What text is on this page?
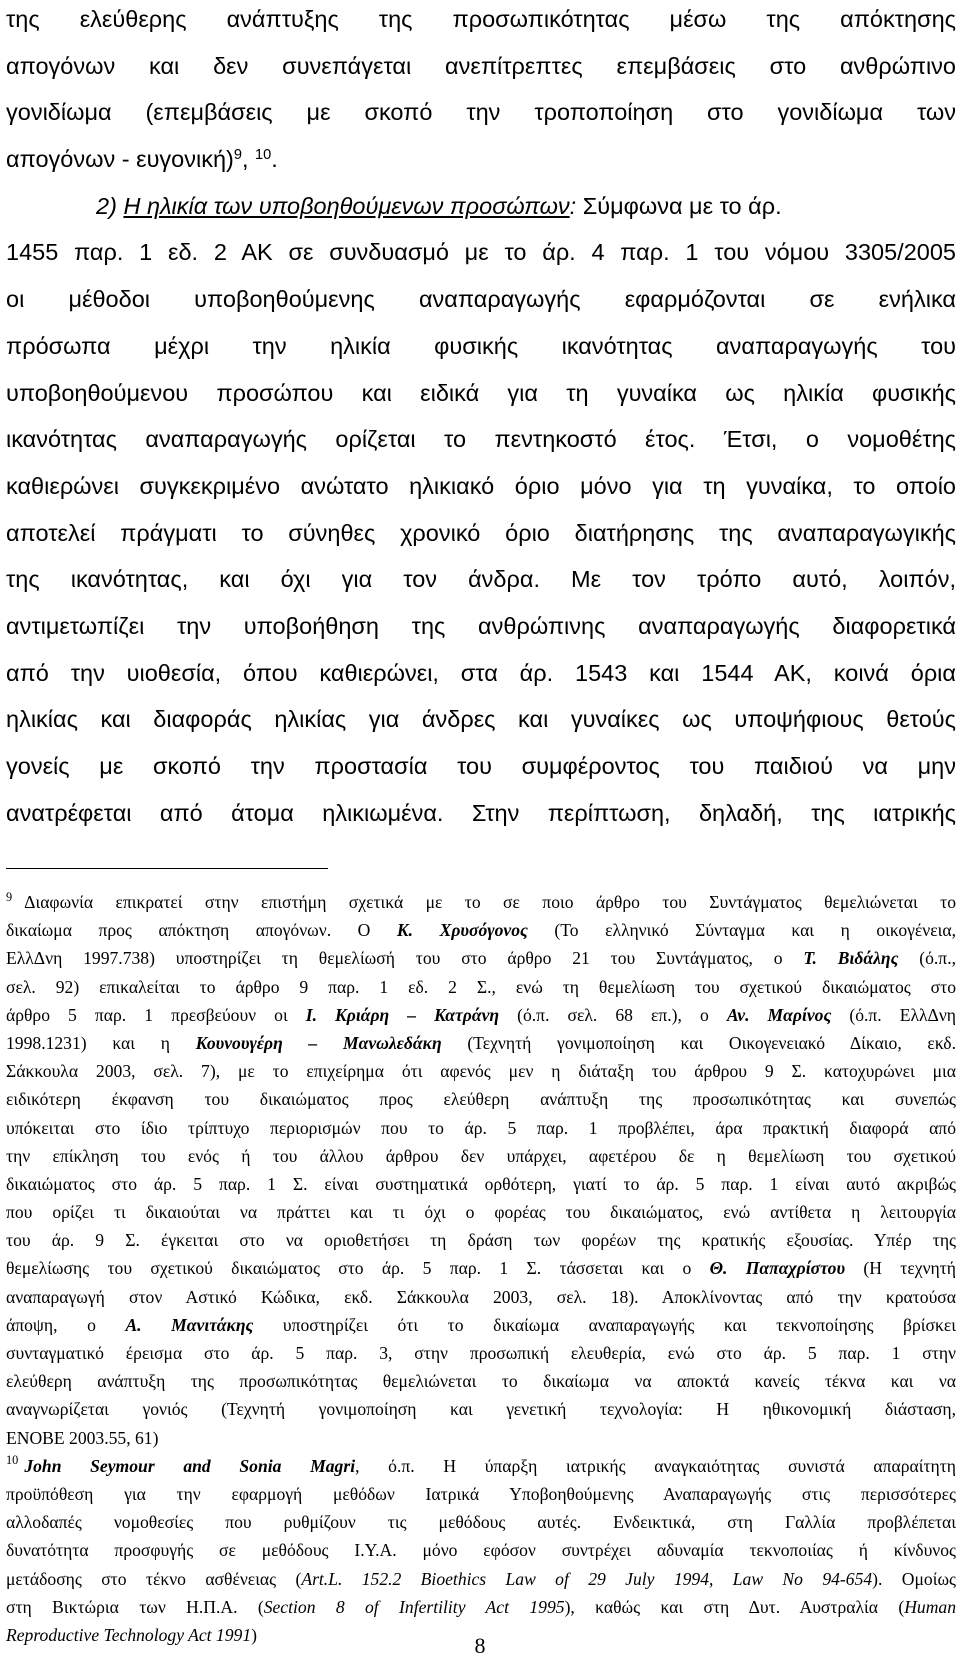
της ελεύθερης ανάπτυξης της προσωπικότητας μέσω της απόκτησης
απογόνων και δεν συνεπάγεται ανεπίτρεπτες επεμβάσεις στο ανθρώπινο
γονιδίωμα (επεμβάσεις με σκοπό την τροποποίηση στο γονιδίωμα των
απογόνων - ευγονική)$^9$, $^{10}$.
2) Η ηλικία των υποβοηθούμενων προσώπων: Σύμφωνα με το άρ.
1455 παρ. 1 εδ. 2 ΑΚ σε συνδυασμό με το άρ. 4 παρ. 1 του νόμου 3305/2005
οι μέθοδοι υποβοηθούμενης αναπαραγωγής εφαρμόζονται σε ενήλικα
πρόσωπα μέχρι την ηλικία φυσικής ικανότητας αναπαραγωγής του
υποβοηθούμενου προσώπου και ειδικά για τη γυναίκα ως ηλικία φυσικής
ικανότητας αναπαραγωγής ορίζεται το πεντηκοστό έτος. Έτσι, ο νομοθέτης
καθιερώνει συγκεκριμένο ανώτατο ηλικιακό όριο μόνο για τη γυναίκα, το οποίο
αποτελεί πράγματι το σύνηθες χρονικό όριο διατήρησης της αναπαραγωγικής
της ικανότητας, και όχι για τον άνδρα. Με τον τρόπο αυτό, λοιπόν,
αντιμετωπίζει την υποβοήθηση της ανθρώπινης αναπαραγωγής διαφορετικά
από την υιοθεσία, όπου καθιερώνει, στα άρ. 1543 και 1544 ΑΚ, κοινά όρια
ηλικίας και διαφοράς ηλικίας για άνδρες και γυναίκες ως υποψήφιους θετούς
γονείς με σκοπό την προστασία του συμφέροντος του παιδιού να μην
ανατρέφεται από άτομα ηλικιωμένα. Στην περίπτωση, δηλαδή, της ιατρικής
$^9$ Διαφωνία επικρατεί στην επιστήμη σχετικά με το σε ποιο άρθρο του Συντάγματος θεμελιώνεται το
δικαίωμα προς απόκτηση απογόνων. Ο Κ. Χρυσόγονος (Το ελληνικό Σύνταγμα και η οικογένεια,
ΕλλΔνη 1997.738) υποστηρίζει τη θεμελίωσή του στο άρθρο 21 του Συντάγματος, ο Τ. Βιδάλης (ό.π.,
σελ. 92) επικαλείται το άρθρο 9 παρ. 1 εδ. 2 Σ., ενώ τη θεμελίωση του σχετικού δικαιώματος στο
άρθρο 5 παρ. 1 πρεσβεύουν οι Ι. Κριάρη – Κατράνη (ό.π. σελ. 68 επ.), ο Αν. Μαρίνος (ό.π. ΕλλΔνη
1998.1231) και η Κουνουγέρη – Μανωλεδάκη (Τεχνητή γονιμοποίηση και Οικογενειακό Δίκαιο, εκδ.
Σάκκουλα 2003, σελ. 7), με το επιχείρημα ότι αφενός μεν η διάταξη του άρθρου 9 Σ. κατοχυρώνει μια
ειδικότερη έκφανση του δικαιώματος προς ελεύθερη ανάπτυξη της προσωπικότητας και συνεπώς
υπόκειται στο ίδιο τρίπτυχο περιορισμών που το άρ. 5 παρ. 1 προβλέπει, άρα πρακτική διαφορά από
την επίκληση του ενός ή του άλλου άρθρου δεν υπάρχει, αφετέρου δε η θεμελίωση του σχετικού
δικαιώματος στο άρ. 5 παρ. 1 Σ. είναι συστηματικά ορθότερη, γιατί το άρ. 5 παρ. 1 είναι αυτό ακριβώς
που ορίζει τι δικαιούται να πράττει και τι όχι ο φορέας του δικαιώματος, ενώ αντίθετα η λειτουργία
του άρ. 9 Σ. έγκειται στο να οριοθετήσει τη δράση των φορέων της κρατικής εξουσίας. Υπέρ της
θεμελίωσης του σχετικού δικαιώματος στο άρ. 5 παρ. 1 Σ. τάσσεται και ο Θ. Παπαχρίστου (Η τεχνητή
αναπαραγωγή στον Αστικό Κώδικα, εκδ. Σάκκουλα 2003, σελ. 18). Αποκλίνοντας από την κρατούσα
άποψη, ο Α. Μανιτάκης υποστηρίζει ότι το δικαίωμα αναπαραγωγής και τεκνοποίησης βρίσκει
συνταγματικό έρεισμα στο άρ. 5 παρ. 3, στην προσωπική ελευθερία, ενώ στο άρ. 5 παρ. 1 στην
ελεύθερη ανάπτυξη της προσωπικότητας θεμελιώνεται το δικαίωμα να αποκτά κανείς τέκνα και να
αναγνωρίζεται γονιός (Τεχνητή γονιμοποίηση και γενετική τεχνολογία: Η ηθικονομική διάσταση,
ΕΝΟΒΕ 2003.55, 61)
$^{10}$ John Seymour and Sonia Magri, ό.π. Η ύπαρξη ιατρικής αναγκαιότητας συνιστά απαραίτητη
προϋπόθεση για την εφαρμογή μεθόδων Ιατρικά Υποβοηθούμενης Αναπαραγωγής στις περισσότερες
αλλοδαπές νομοθεσίες που ρυθμίζουν τις μεθόδους αυτές. Ενδεικτικά, στη Γαλλία προβλέπεται
δυνατότητα προσφυγής σε μεθόδους Ι.Υ.Α. μόνο εφόσον συντρέχει αδυναμία τεκνοποιίας ή κίνδυνος
μετάδοσης στο τέκνο ασθένειας (Art.L. 152.2 Bioethics Law of 29 July 1994, Law No 94-654). Ομοίως
στη Βικτώρια των Η.Π.Α. (Section 8 of Infertility Act 1995), καθώς και στη Δυτ. Αυστραλία (Human
Reproductive Technology Act 1991)	8
